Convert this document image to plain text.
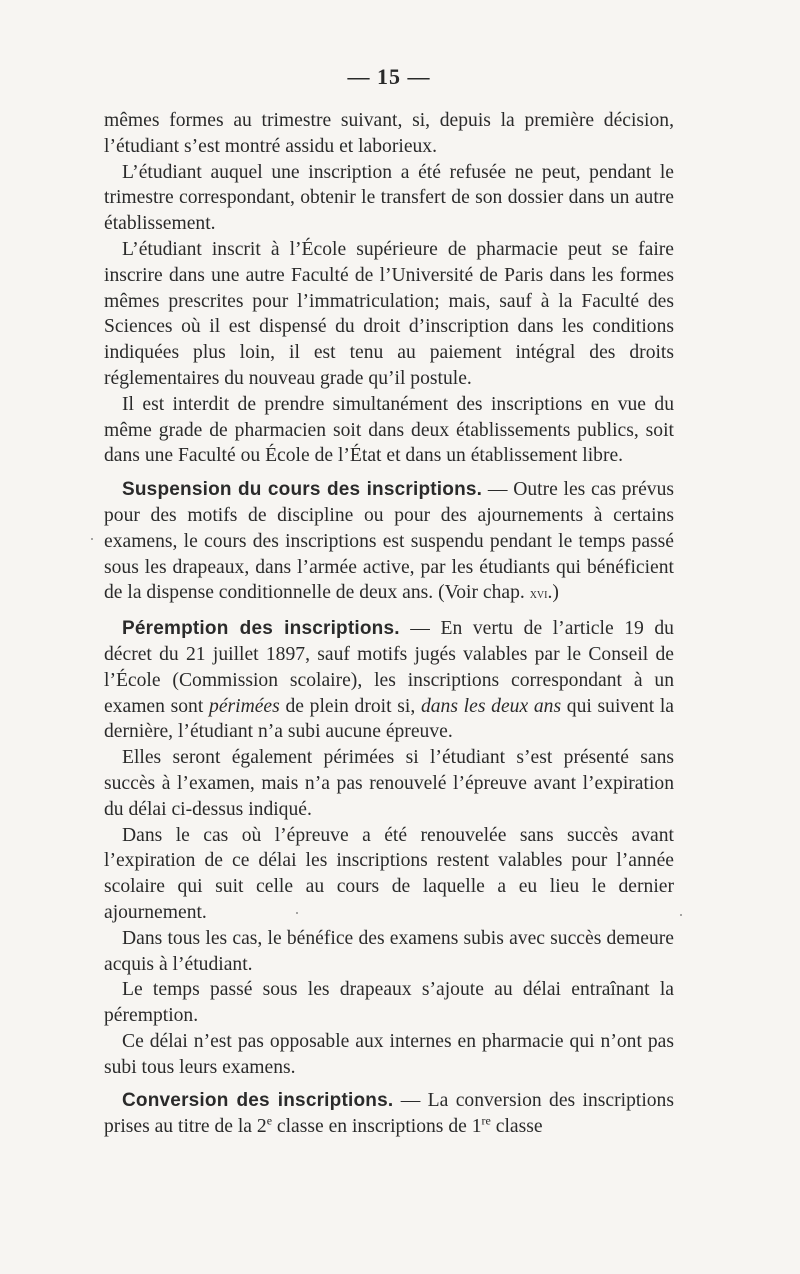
— 15 —

mêmes formes au trimestre suivant, si, depuis la première décision, l’étudiant s’est montré assidu et laborieux.

L’étudiant auquel une inscription a été refusée ne peut, pendant le trimestre correspondant, obtenir le transfert de son dossier dans un autre établissement.

L’étudiant inscrit à l’École supérieure de pharmacie peut se faire inscrire dans une autre Faculté de l’Université de Paris dans les formes mêmes prescrites pour l’immatriculation; mais, sauf à la Faculté des Sciences où il est dispensé du droit d’inscription dans les conditions indiquées plus loin, il est tenu au paiement intégral des droits réglementaires du nouveau grade qu’il postule.

Il est interdit de prendre simultanément des inscriptions en vue du même grade de pharmacien soit dans deux établissements publics, soit dans une Faculté ou École de l’État et dans un établissement libre.

Suspension du cours des inscriptions. — Outre les cas prévus pour des motifs de discipline ou pour des ajournements à certains examens, le cours des inscriptions est suspendu pendant le temps passé sous les drapeaux, dans l’armée active, par les étudiants qui bénéficient de la dispense conditionnelle de deux ans. (Voir chap. xvi.)

Péremption des inscriptions. — En vertu de l’article 19 du décret du 21 juillet 1897, sauf motifs jugés valables par le Conseil de l’École (Commission scolaire), les inscriptions correspondant à un examen sont périmées de plein droit si, dans les deux ans qui suivent la dernière, l’étudiant n’a subi aucune épreuve.

Elles seront également périmées si l’étudiant s’est présenté sans succès à l’examen, mais n’a pas renouvelé l’épreuve avant l’expiration du délai ci-dessus indiqué.

Dans le cas où l’épreuve a été renouvelée sans succès avant l’expiration de ce délai les inscriptions restent valables pour l’année scolaire qui suit celle au cours de laquelle a eu lieu le dernier ajournement.

Dans tous les cas, le bénéfice des examens subis avec succès demeure acquis à l’étudiant.

Le temps passé sous les drapeaux s’ajoute au délai entraînant la péremption.

Ce délai n’est pas opposable aux internes en pharmacie qui n’ont pas subi tous leurs examens.

Conversion des inscriptions. — La conversion des inscriptions prises au titre de la 2e classe en inscriptions de 1re classe
